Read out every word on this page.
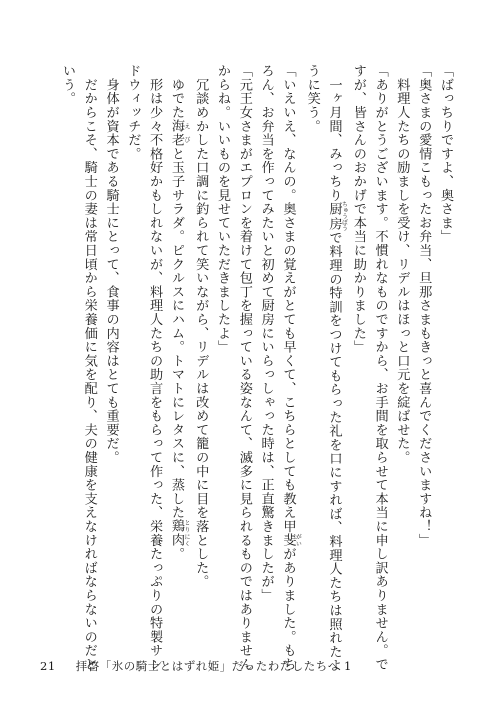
「ばっちりですよ、奥さま」
「奥さまの愛情こもったお弁当、旦那さまもきっと喜んでくださいますね！」
　料理人たちの励ましを受け、リデルはほっと口元を綻ばせた。
「ありがとうございます。不慣れなものですから、お手間を取らせて本当に申し訳ありません。で
すが、皆さんのおかげで本当に助かりました」
　一ヶ月間、みっちり厨房 ちゅうぼうで料理の特訓をつけてもらった礼を口にすれば、料理人たちは照れたよ
うに笑う。
「いえいえ、なんの。奥さまの覚えがとても早くて、こちらとしても教え甲斐 がいがありました。もち
ろん、お弁当を作ってみたいと初めて厨房にいらっしゃった時は、正直驚きましたが」
「元王女さまがエプロンを着けて包丁を握っている姿なんて、滅多に見られるものではありません
からね。いいものを見せていただきましたよ」
　冗談めかした口調に釣られて笑いながら、リデルは改めて籠の中に目を落とした。
　ゆでた海老 えびと玉子サラダ。ピクルスにハム。トマトにレタスに、蒸した鶏肉 とりにく。
　形は少々不格好かもしれないが、料理人たちの助言をもらって作った、栄養たっぷりの特製サン
ドウィッチだ。
　身体が資本である騎士にとって、食事の内容はとても重要だ。
　だからこそ、騎士の妻は常日頃から栄養価に気を配り、夫の健康を支えなければならないのだと
いう。
21 拝啓「氷の騎士とはずれ姫」だったわたしたちへ 1
